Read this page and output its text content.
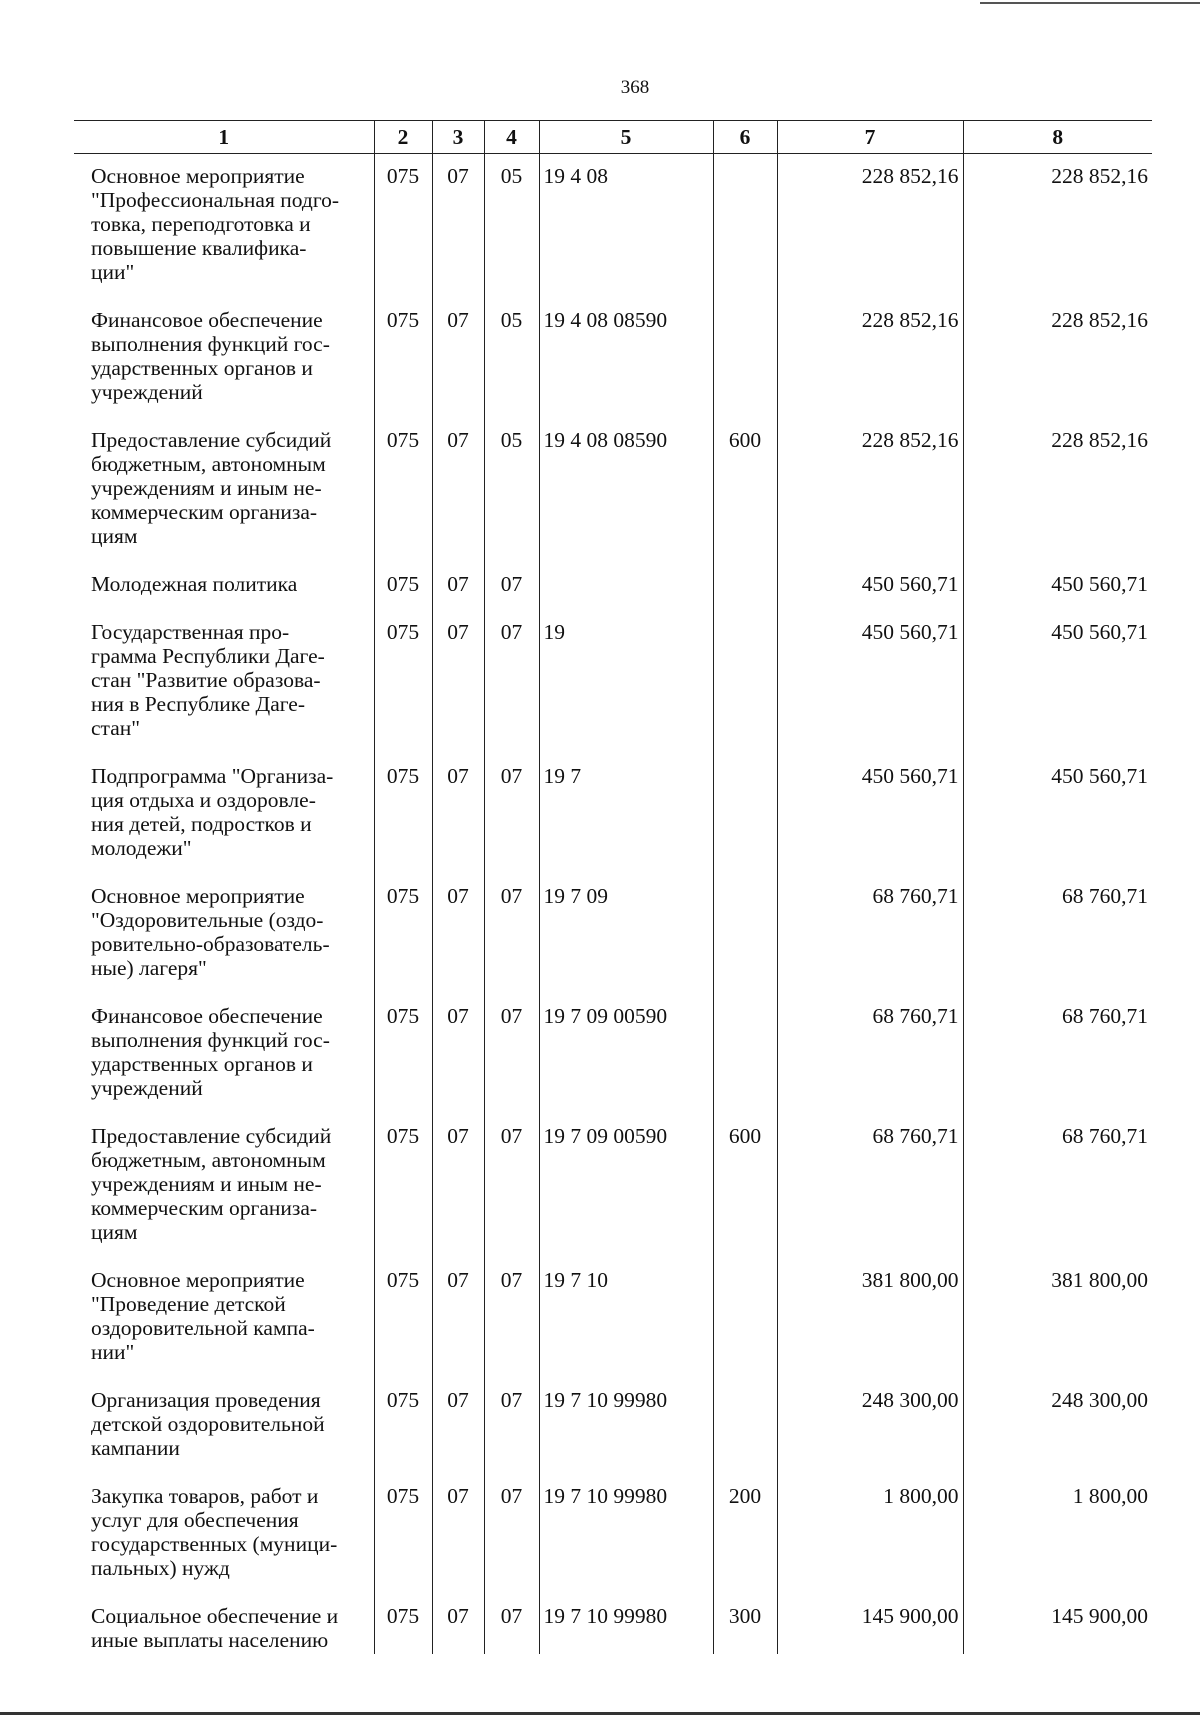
368
1	2	3	4	5	6	7	8

Основное мероприятие
"Профессиональная подго-
товка, переподготовка и
повышение квалифика-
ции"	075	07	05	19 4 08		228 852,16	228 852,16

Финансовое обеспечение
выполнения функций гос-
ударственных органов и
учреждений	075	07	05	19 4 08 08590		228 852,16	228 852,16

Предоставление субсидий
бюджетным, автономным
учреждениям и иным не-
коммерческим организа-
циям	075	07	05	19 4 08 08590	600	228 852,16	228 852,16

Молодежная политика	075	07	07			450 560,71	450 560,71

Государственная про-
грамма Республики Даге-
стан "Развитие образова-
ния в Республике Даге-
стан"	075	07	07	19		450 560,71	450 560,71

Подпрограмма "Организа-
ция отдыха и оздоровле-
ния детей, подростков и
молодежи"	075	07	07	19 7		450 560,71	450 560,71

Основное мероприятие
"Оздоровительные (оздо-
ровительно-образователь-
ные) лагеря"	075	07	07	19 7 09		68 760,71	68 760,71

Финансовое обеспечение
выполнения функций гос-
ударственных органов и
учреждений	075	07	07	19 7 09 00590		68 760,71	68 760,71

Предоставление субсидий
бюджетным, автономным
учреждениям и иным не-
коммерческим организа-
циям	075	07	07	19 7 09 00590	600	68 760,71	68 760,71

Основное мероприятие
"Проведение детской
оздоровительной кампа-
нии"	075	07	07	19 7 10		381 800,00	381 800,00

Организация проведения
детской оздоровительной
кампании	075	07	07	19 7 10 99980		248 300,00	248 300,00

Закупка товаров, работ и
услуг для обеспечения
государственных (муници-
пальных) нужд	075	07	07	19 7 10 99980	200	1 800,00	1 800,00

Социальное обеспечение и
иные выплаты населению	075	07	07	19 7 10 99980	300	145 900,00	145 900,00
